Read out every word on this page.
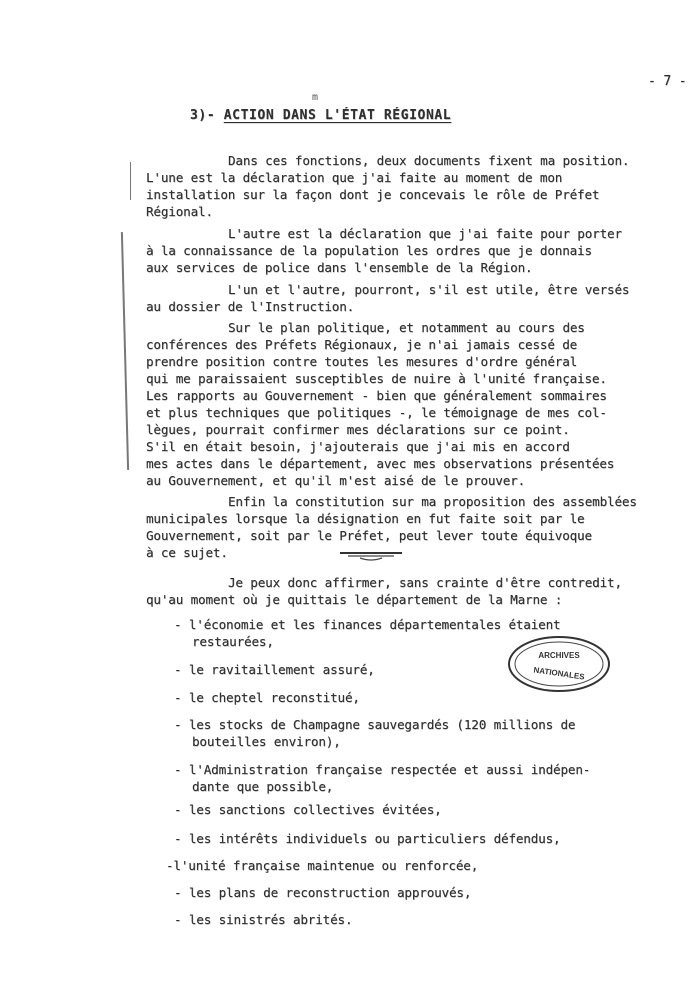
- 7 -
m
3)- ACTION DANS L'ÉTAT RÉGIONAL
Dans ces fonctions, deux documents fixent ma position.
L'une est la déclaration que j'ai faite au moment de mon
installation sur la façon dont je concevais le rôle de Préfet
Régional.
L'autre est la déclaration que j'ai faite pour porter
à la connaissance de la population les ordres que je donnais
aux services de police dans l'ensemble de la Région.
L'un et l'autre, pourront, s'il est utile, être versés
au dossier de l'Instruction.
Sur le plan politique, et notamment au cours des
conférences des Préfets Régionaux, je n'ai jamais cessé de
prendre position contre toutes les mesures d'ordre général
qui me paraissaient susceptibles de nuire à l'unité française.
Les rapports au Gouvernement - bien que généralement sommaires
et plus techniques que politiques -, le témoignage de mes col-
lègues, pourrait confirmer mes déclarations sur ce point.
S'il en était besoin, j'ajouterais que j'ai mis en accord
mes actes dans le département, avec mes observations présentées
au Gouvernement, et qu'il m'est aisé de le prouver.
Enfin la constitution sur ma proposition des assemblées
municipales lorsque la désignation en fut faite soit par le
Gouvernement, soit par le Préfet, peut lever toute équivoque
à ce sujet.
Je peux donc affirmer, sans crainte d'être contredit,
qu'au moment où je quittais le département de la Marne :
- l'économie et les finances départementales étaient
restaurées,
- le ravitaillement assuré,
- le cheptel reconstitué,
- les stocks de Champagne sauvegardés (120 millions de
bouteilles environ),
- l'Administration française respectée et aussi indépen-
dante que possible,
- les sanctions collectives évitées,
- les intérêts individuels ou particuliers défendus,
-l'unité française maintenue ou renforcée,
- les plans de reconstruction approuvés,
- les sinistrés abrités.
ARCHIVES
NATIONALES
